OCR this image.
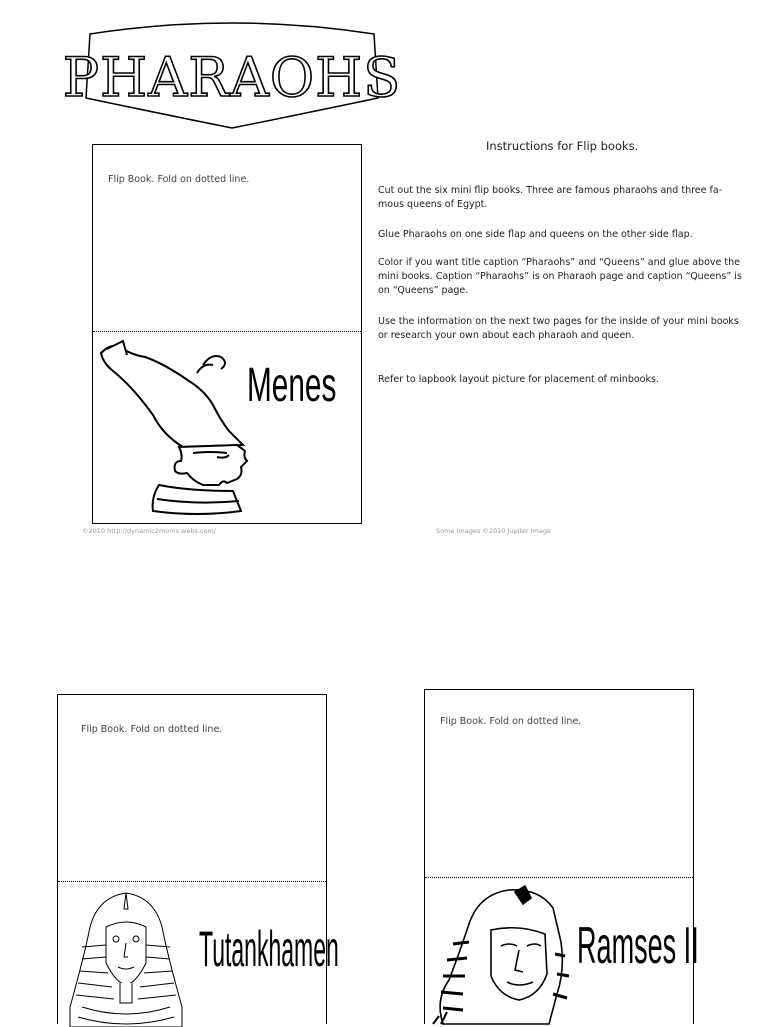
PHARAOHS
Instructions for Flip books.
Cut out the six mini flip books. Three are famous pharaohs and three fa- mous queens of Egypt.
Glue Pharaohs on one side flap and queens on the other side flap.
Color if you want title caption “Pharaohs” and “Queens” and glue above the mini books. Caption “Pharaohs” is on Pharaoh page and caption “Queens” is on “Queens” page.
Use the information on the next two pages for the inside of your mini books or research your own about each pharaoh and queen.
Refer to lapbook layout picture for placement of minbooks.
©2010 http://dynamic2moms.webs.com/	Some Images ©2010 Jupiter Image
Flip Book. Fold on dotted line.
Menes
Flip Book. Fold on dotted line.
Tutankhamen
Flip Book. Fold on dotted line.
Ramses II
